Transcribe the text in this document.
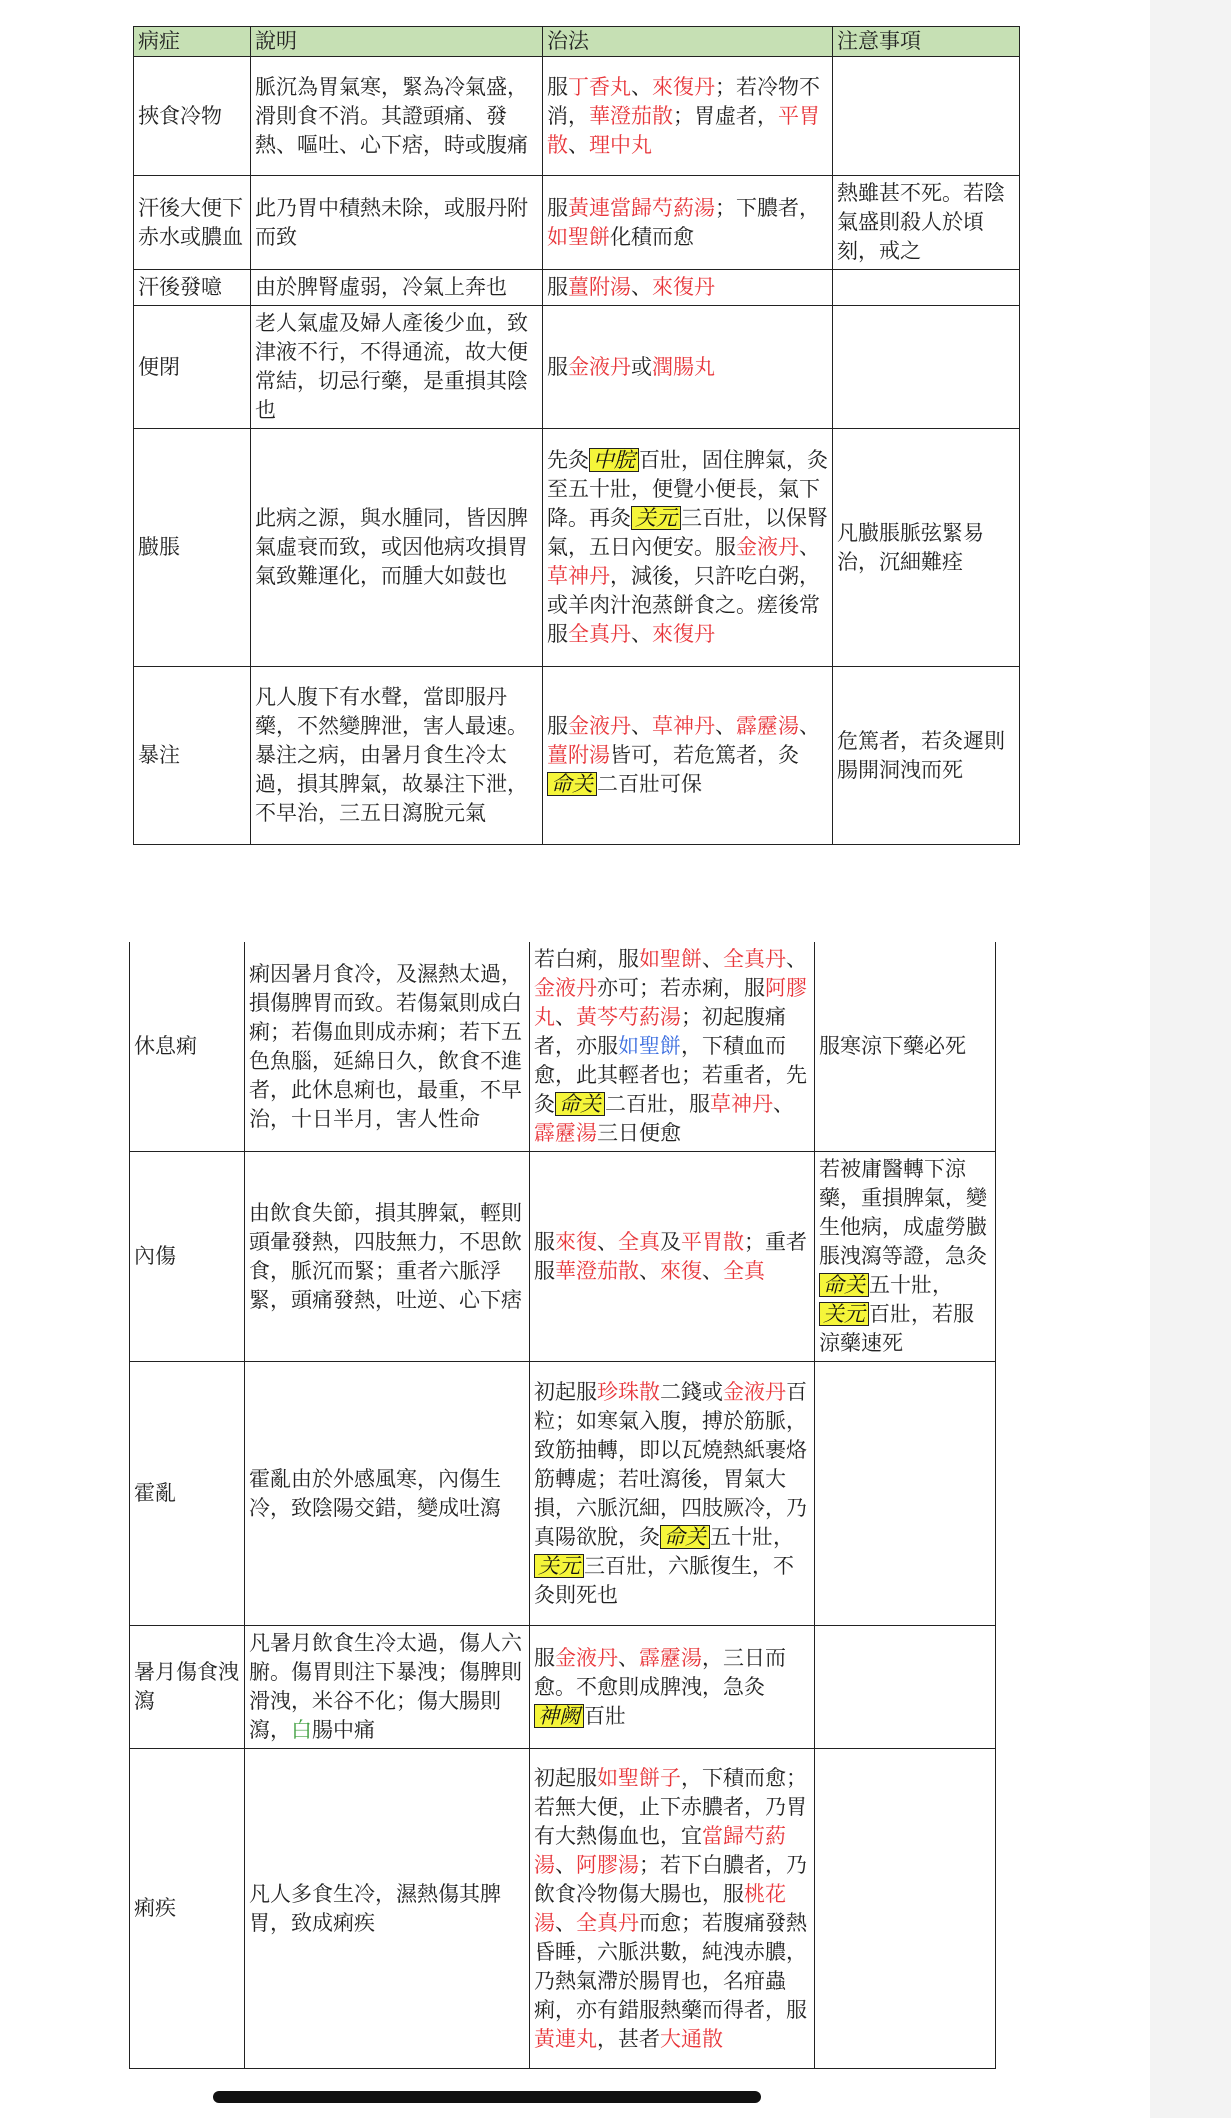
病症	說明	治法	注意事項
挾食冷物	脈沉為胃氣寒，緊為冷氣盛，滑則食不消。其證頭痛、發熱、嘔吐、心下痞，時或腹痛	服丁香丸、來復丹；若冷物不消，華澄茄散；胃虛者，平胃散、理中丸	
汗後大便下赤水或膿血	此乃胃中積熱未除，或服丹附而致	服黃連當歸芍葯湯；下膿者，如聖餅化積而愈	熱雖甚不死。若陰氣盛則殺人於頃刻，戒之
汗後發噫	由於脾腎虛弱，冷氣上奔也	服薑附湯、來復丹	
便閉	老人氣虛及婦人產後少血，致津液不行，不得通流，故大便常結，切忌行藥，是重損其陰也	服金液丹或潤腸丸	
臌脹	此病之源，與水腫同，皆因脾氣虛衰而致，或因他病攻損胃氣致難運化，而腫大如鼓也	先灸 中脘 百壯，固住脾氣，灸至五十壯，便覺小便長，氣下降。再灸 关元 三百壯，以保腎氣，五日內便安。服金液丹、草神丹，減後，只許吃白粥，或羊肉汁泡蒸餅食之。瘥後常服全真丹、來復丹	凡臌脹脈弦緊易治，沉細難痊
暴注	凡人腹下有水聲，當即服丹藥，不然變脾泄，害人最速。暴注之病，由暑月食生冷太過，損其脾氣，故暴注下泄，不早治，三五日瀉脫元氣	服金液丹、草神丹、霹靂湯、薑附湯皆可，若危篤者，灸命关 二百壯可保	危篤者，若灸遲則腸開洞洩而死
休息痢	痢因暑月食冷，及濕熱太過，損傷脾胃而致。若傷氣則成白痢；若傷血則成赤痢；若下五色魚腦，延綿日久，飲食不進者，此休息痢也，最重，不早治，十日半月，害人性命	若白痢，服如聖餅、全真丹、金液丹亦可；若赤痢，服阿膠丸、黃芩芍葯湯；初起腹痛者，亦服如聖餅，下積血而愈，此其輕者也；若重者，先灸 命关 二百壯，服草神丹、霹靂湯三日便愈	服寒涼下藥必死
內傷	由飲食失節，損其脾氣，輕則頭暈發熱，四肢無力，不思飲食，脈沉而緊；重者六脈浮緊，頭痛發熱，吐逆、心下痞	服來復、全真及平胃散；重者服華澄茄散、來復、全真	若被庸醫轉下涼藥，重損脾氣，變生他病，成虛勞臌脹洩瀉等證，急灸命关 五十壯，关元 百壯，若服涼藥速死
霍亂	霍亂由於外感風寒，內傷生冷，致陰陽交錯，變成吐瀉	初起服珍珠散二錢或金液丹百粒；如寒氣入腹，搏於筋脈，致筋抽轉，即以瓦燒熱紙裹烙筋轉處；若吐瀉後，胃氣大損，六脈沉細，四肢厥冷，乃真陽欲脫，灸 命关 五十壯，关元 三百壯，六脈復生，不灸則死也	
暑月傷食洩瀉	凡暑月飲食生冷太過，傷人六腑。傷胃則注下暴洩；傷脾則滑洩，米谷不化；傷大腸則瀉，白腸中痛	服金液丹、霹靂湯，三日而愈。不愈則成脾洩，急灸神阙 百壯	
痢疾	凡人多食生冷，濕熱傷其脾胃，致成痢疾	初起服如聖餅子，下積而愈；若無大便，止下赤膿者，乃胃有大熱傷血也，宜當歸芍葯湯、阿膠湯；若下白膿者，乃飲食冷物傷大腸也，服桃花湯、全真丹而愈；若腹痛發熱昏睡，六脈洪數，純洩赤膿，乃熱氣滯於腸胃也，名疳蟲痢，亦有錯服熱藥而得者，服黃連丸，甚者大通散	
